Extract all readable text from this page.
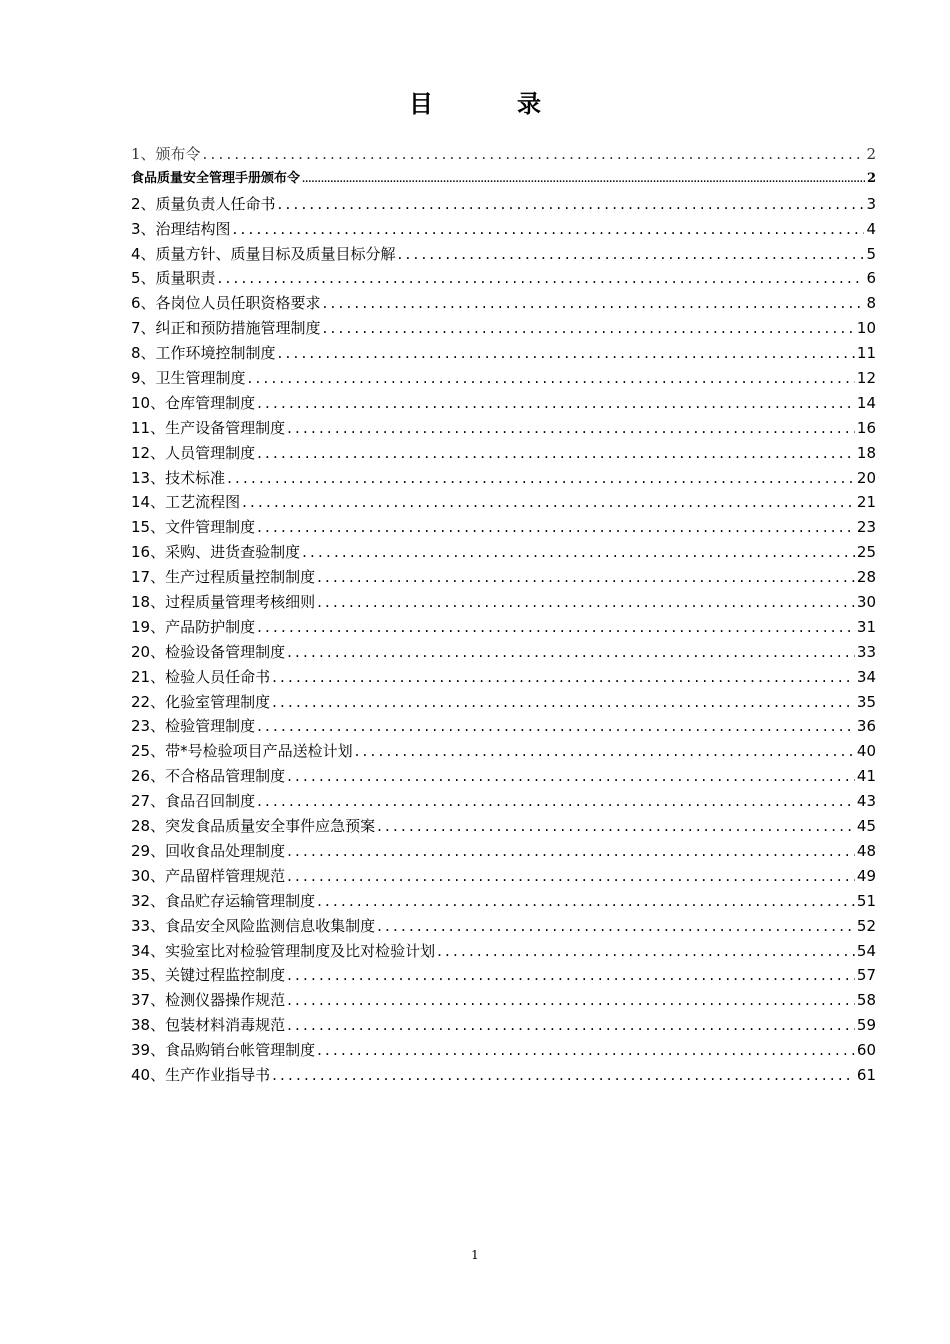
目　录
1、颁布令 .....	2
食品质量安全管理手册颁布令 .....	2
2、质量负责人任命书 .....	3
3、治理结构图 .....	4
4、质量方针、质量目标及质量目标分解 .....	5
5、质量职责 .....	6
6、各岗位人员任职资格要求 .....	8
7、纠正和预防措施管理制度 .....	10
8、工作环境控制制度 .....	11
9、卫生管理制度 .....	12
10、仓库管理制度 .....	14
11、生产设备管理制度 .....	16
12、人员管理制度 .....	18
13、技术标准 .....	20
14、工艺流程图 .....	21
15、文件管理制度 .....	23
16、采购、进货查验制度 .....	25
17、生产过程质量控制制度 .....	28
18、过程质量管理考核细则 .....	30
19、产品防护制度 .....	31
20、检验设备管理制度 .....	33
21、检验人员任命书 .....	34
22、化验室管理制度 .....	35
23、检验管理制度 .....	36
25、带*号检验项目产品送检计划 .....	40
26、不合格品管理制度 .....	41
27、食品召回制度 .....	43
28、突发食品质量安全事件应急预案 .....	45
29、回收食品处理制度 .....	48
30、产品留样管理规范 .....	49
32、食品贮存运输管理制度 .....	51
33、食品安全风险监测信息收集制度 .....	52
34、实验室比对检验管理制度及比对检验计划 .....	54
35、关键过程监控制度 .....	57
37、检测仪器操作规范 .....	58
38、包装材料消毒规范 .....	59
39、食品购销台帐管理制度 .....	60
40、生产作业指导书 .....	61
1
